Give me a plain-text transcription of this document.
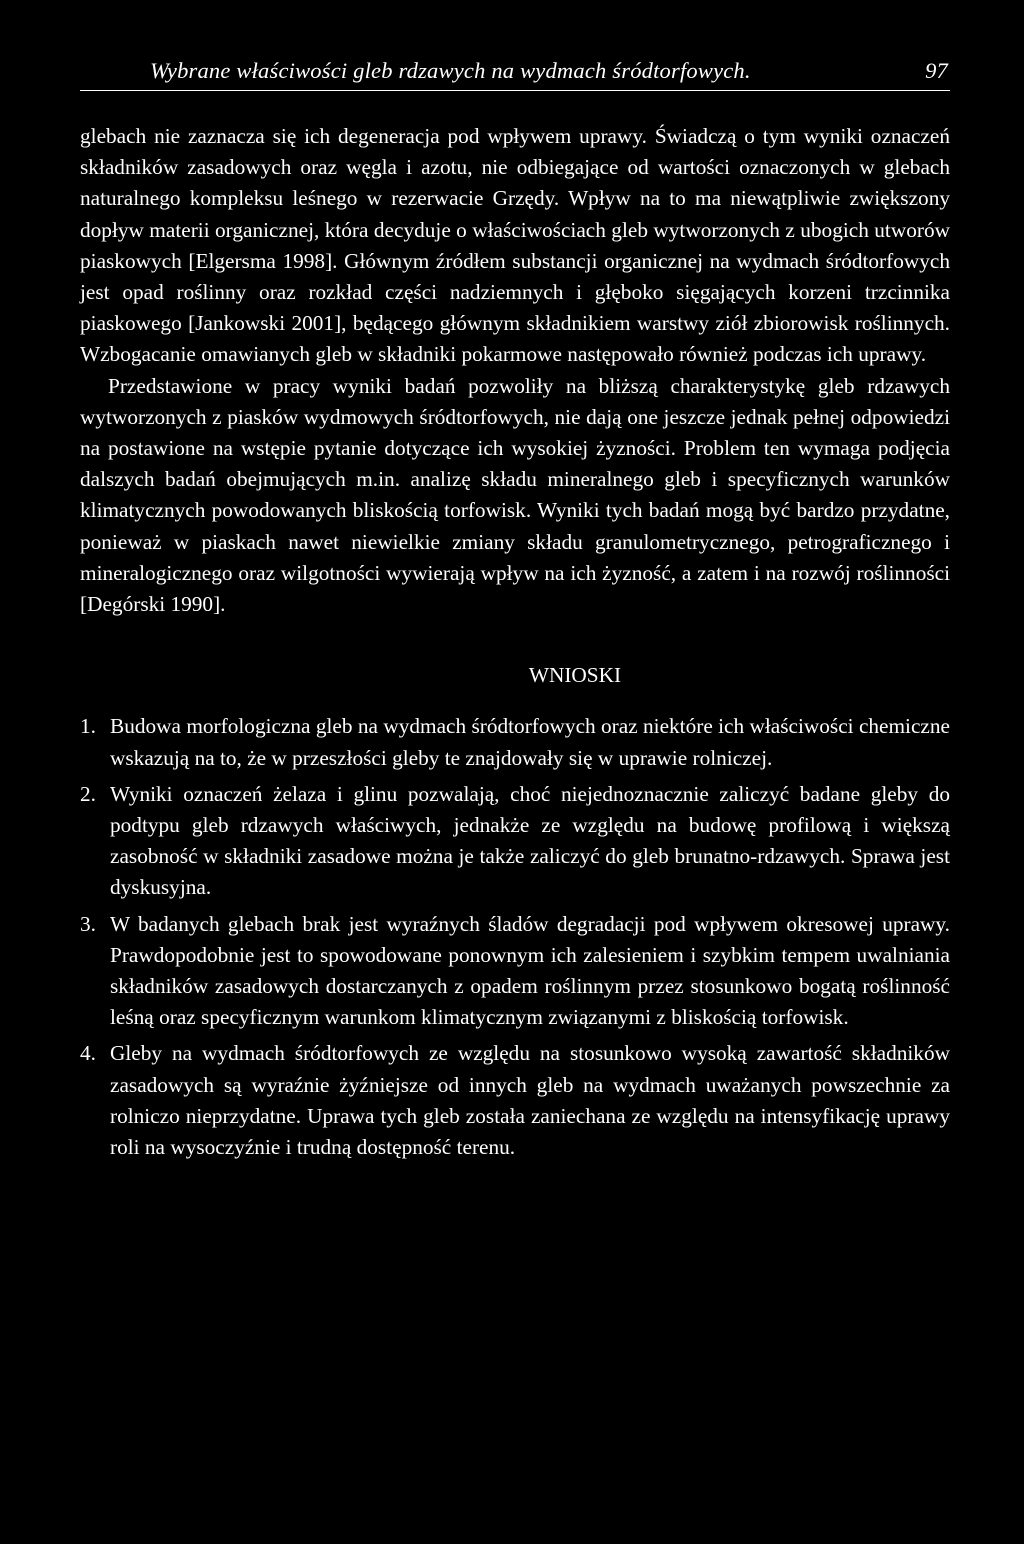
Wybrane właściwości gleb rdzawych na wydmach śródtorfowych.	97

glebach nie zaznacza się ich degeneracja pod wpływem uprawy. Świadczą o tym wyniki oznaczeń składników zasadowych oraz węgla i azotu, nie odbiegające od wartości oznaczonych w glebach naturalnego kompleksu leśnego w rezerwacie Grzędy. Wpływ na to ma niewątpliwie zwiększony dopływ materii organicznej, która decyduje o właściwościach gleb wytworzonych z ubogich utworów piaskowych [Elgersma 1998]. Głównym źródłem substancji organicznej na wydmach śródtorfowych jest opad roślinny oraz rozkład części nadziemnych i głęboko sięgających korzeni trzcinnika piaskowego [Jankowski 2001], będącego głównym składnikiem warstwy ziół zbiorowisk roślinnych. Wzbogacanie omawianych gleb w składniki pokarmowe następowało również podczas ich uprawy.

Przedstawione w pracy wyniki badań pozwoliły na bliższą charakterystykę gleb rdzawych wytworzonych z piasków wydmowych śródtorfowych, nie dają one jeszcze jednak pełnej odpowiedzi na postawione na wstępie pytanie dotyczące ich wysokiej żyzności. Problem ten wymaga podjęcia dalszych badań obejmujących m.in. analizę składu mineralnego gleb i specyficznych warunków klimatycznych powodowanych bliskością torfowisk. Wyniki tych badań mogą być bardzo przydatne, ponieważ w piaskach nawet niewielkie zmiany składu granulometrycznego, petrograficznego i mineralogicznego oraz wilgotności wywierają wpływ na ich żyzność, a zatem i na rozwój roślinności [Degórski 1990].

WNIOSKI
1. Budowa morfologiczna gleb na wydmach śródtorfowych oraz niektóre ich właściwości chemiczne wskazują na to, że w przeszłości gleby te znajdowały się w uprawie rolniczej.
2. Wyniki oznaczeń żelaza i glinu pozwalają, choć niejednoznacznie zaliczyć badane gleby do podtypu gleb rdzawych właściwych, jednakże ze względu na budowę profilową i większą zasobność w składniki zasadowe można je także zaliczyć do gleb brunatno-rdzawych. Sprawa jest dyskusyjna.
3. W badanych glebach brak jest wyraźnych śladów degradacji pod wpływem okresowej uprawy. Prawdopodobnie jest to spowodowane ponownym ich zalesieniem i szybkim tempem uwalniania składników zasadowych dostarczanych z opadem roślinnym przez stosunkowo bogatą roślinność leśną oraz specyficznym warunkom klimatycznym związanymi z bliskością torfowisk.
4. Gleby na wydmach śródtorfowych ze względu na stosunkowo wysoką zawartość składników zasadowych są wyraźnie żyźniejsze od innych gleb na wydmach uważanych powszechnie za rolniczo nieprzydatne. Uprawa tych gleb została zaniechana ze względu na intensyfikację uprawy roli na wysoczyźnie i trudną dostępność terenu.
